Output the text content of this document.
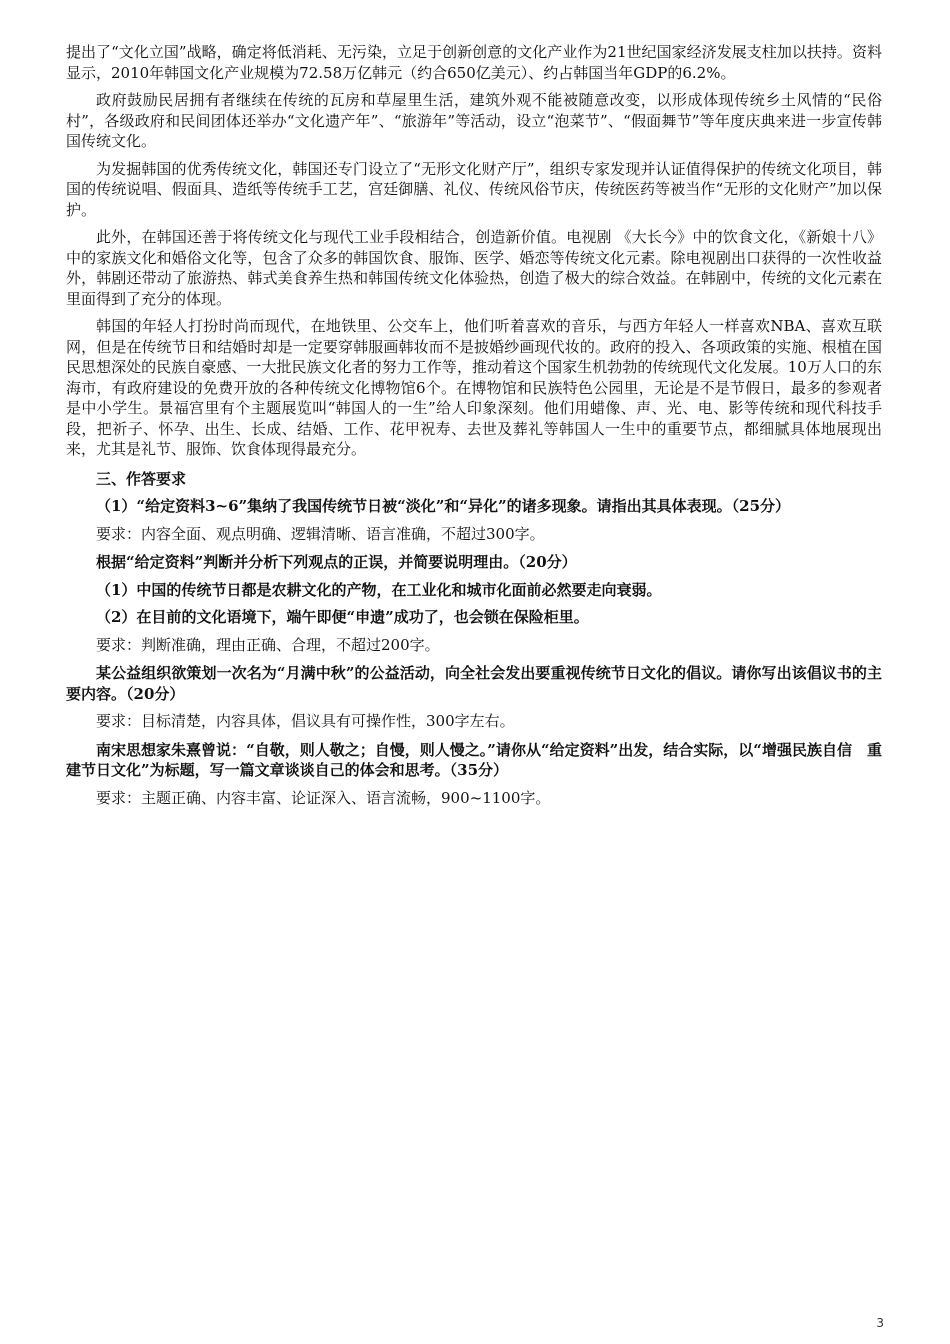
提出了“文化立国”战略，确定将低消耗、无污染，立足于创新创意的文化产业作为21世纪国家经济发展支柱加以扶持。资料显示，2010年韩国文化产业规模为72.58万亿韩元（约合650亿美元）、约占韩国当年GDP的6.2%。

政府鼓励民居拥有者继续在传统的瓦房和草屋里生活，建筑外观不能被随意改变，以形成体现传统乡土风情的“民俗村”，各级政府和民间团体还举办“文化遗产年”、“旅游年”等活动，设立“泡菜节”、“假面舞节”等年度庆典来进一步宣传韩国传统文化。

为发掘韩国的优秀传统文化，韩国还专门设立了“无形文化财产厅”，组织专家发现并认证值得保护的传统文化项目，韩国的传统说唱、假面具、造纸等传统手工艺，宫廷御膳、礼仪、传统风俗节庆，传统医药等被当作“无形的文化财产”加以保护。

此外，在韩国还善于将传统文化与现代工业手段相结合，创造新价值。电视剧 《大长今》中的饮食文化，《新娘十八》中的家族文化和婚俗文化等，包含了众多的韩国饮食、服饰、医学、婚恋等传统文化元素。除电视剧出口获得的一次性收益外，韩剧还带动了旅游热、韩式美食养生热和韩国传统文化体验热，创造了极大的综合效益。在韩剧中，传统的文化元素在里面得到了充分的体现。

韩国的年轻人打扮时尚而现代，在地铁里、公交车上，他们听着喜欢的音乐，与西方年轻人一样喜欢NBA、喜欢互联网，但是在传统节日和结婚时却是一定要穿韩服画韩妆而不是披婚纱画现代妆的。政府的投入、各项政策的实施、根植在国民思想深处的民族自豪感、一大批民族文化者的努力工作等，推动着这个国家生机勃勃的传统现代文化发展。10万人口的东海市，有政府建设的免费开放的各种传统文化博物馆6个。在博物馆和民族特色公园里，无论是不是节假日，最多的参观者是中小学生。景福宫里有个主题展览叫“韩国人的一生”给人印象深刻。他们用蜡像、声、光、电、影等传统和现代科技手段，把祈子、怀孕、出生、长成、结婚、工作、花甲祝寿、去世及葬礼等韩国人一生中的重要节点，都细腻具体地展现出来，尤其是礼节、服饰、饮食体现得最充分。

三、作答要求

（1）“给定资料3~6”集纳了我国传统节日被“淡化”和“异化”的诸多现象。请指出其具体表现。（25分）

要求：内容全面、观点明确、逻辑清晰、语言准确，不超过300字。

根据“给定资料”判断并分析下列观点的正误，并简要说明理由。（20分）

（1）中国的传统节日都是农耕文化的产物，在工业化和城市化面前必然要走向衰弱。

（2）在目前的文化语境下，端午即便“申遗”成功了，也会锁在保险柜里。

要求：判断准确，理由正确、合理，不超过200字。

某公益组织欲策划一次名为“月满中秋”的公益活动，向全社会发出要重视传统节日文化的倡议。请你写出该倡议书的主要内容。（20分）

要求：目标清楚，内容具体，倡议具有可操作性，300字左右。

南宋思想家朱熹曾说：“自敬，则人敬之；自慢，则人慢之。”请你从“给定资料”出发，结合实际，以“增强民族自信　重建节日文化”为标题，写一篇文章谈谈自己的体会和思考。（35分）

要求：主题正确、内容丰富、论证深入、语言流畅，900~1100字。

3
